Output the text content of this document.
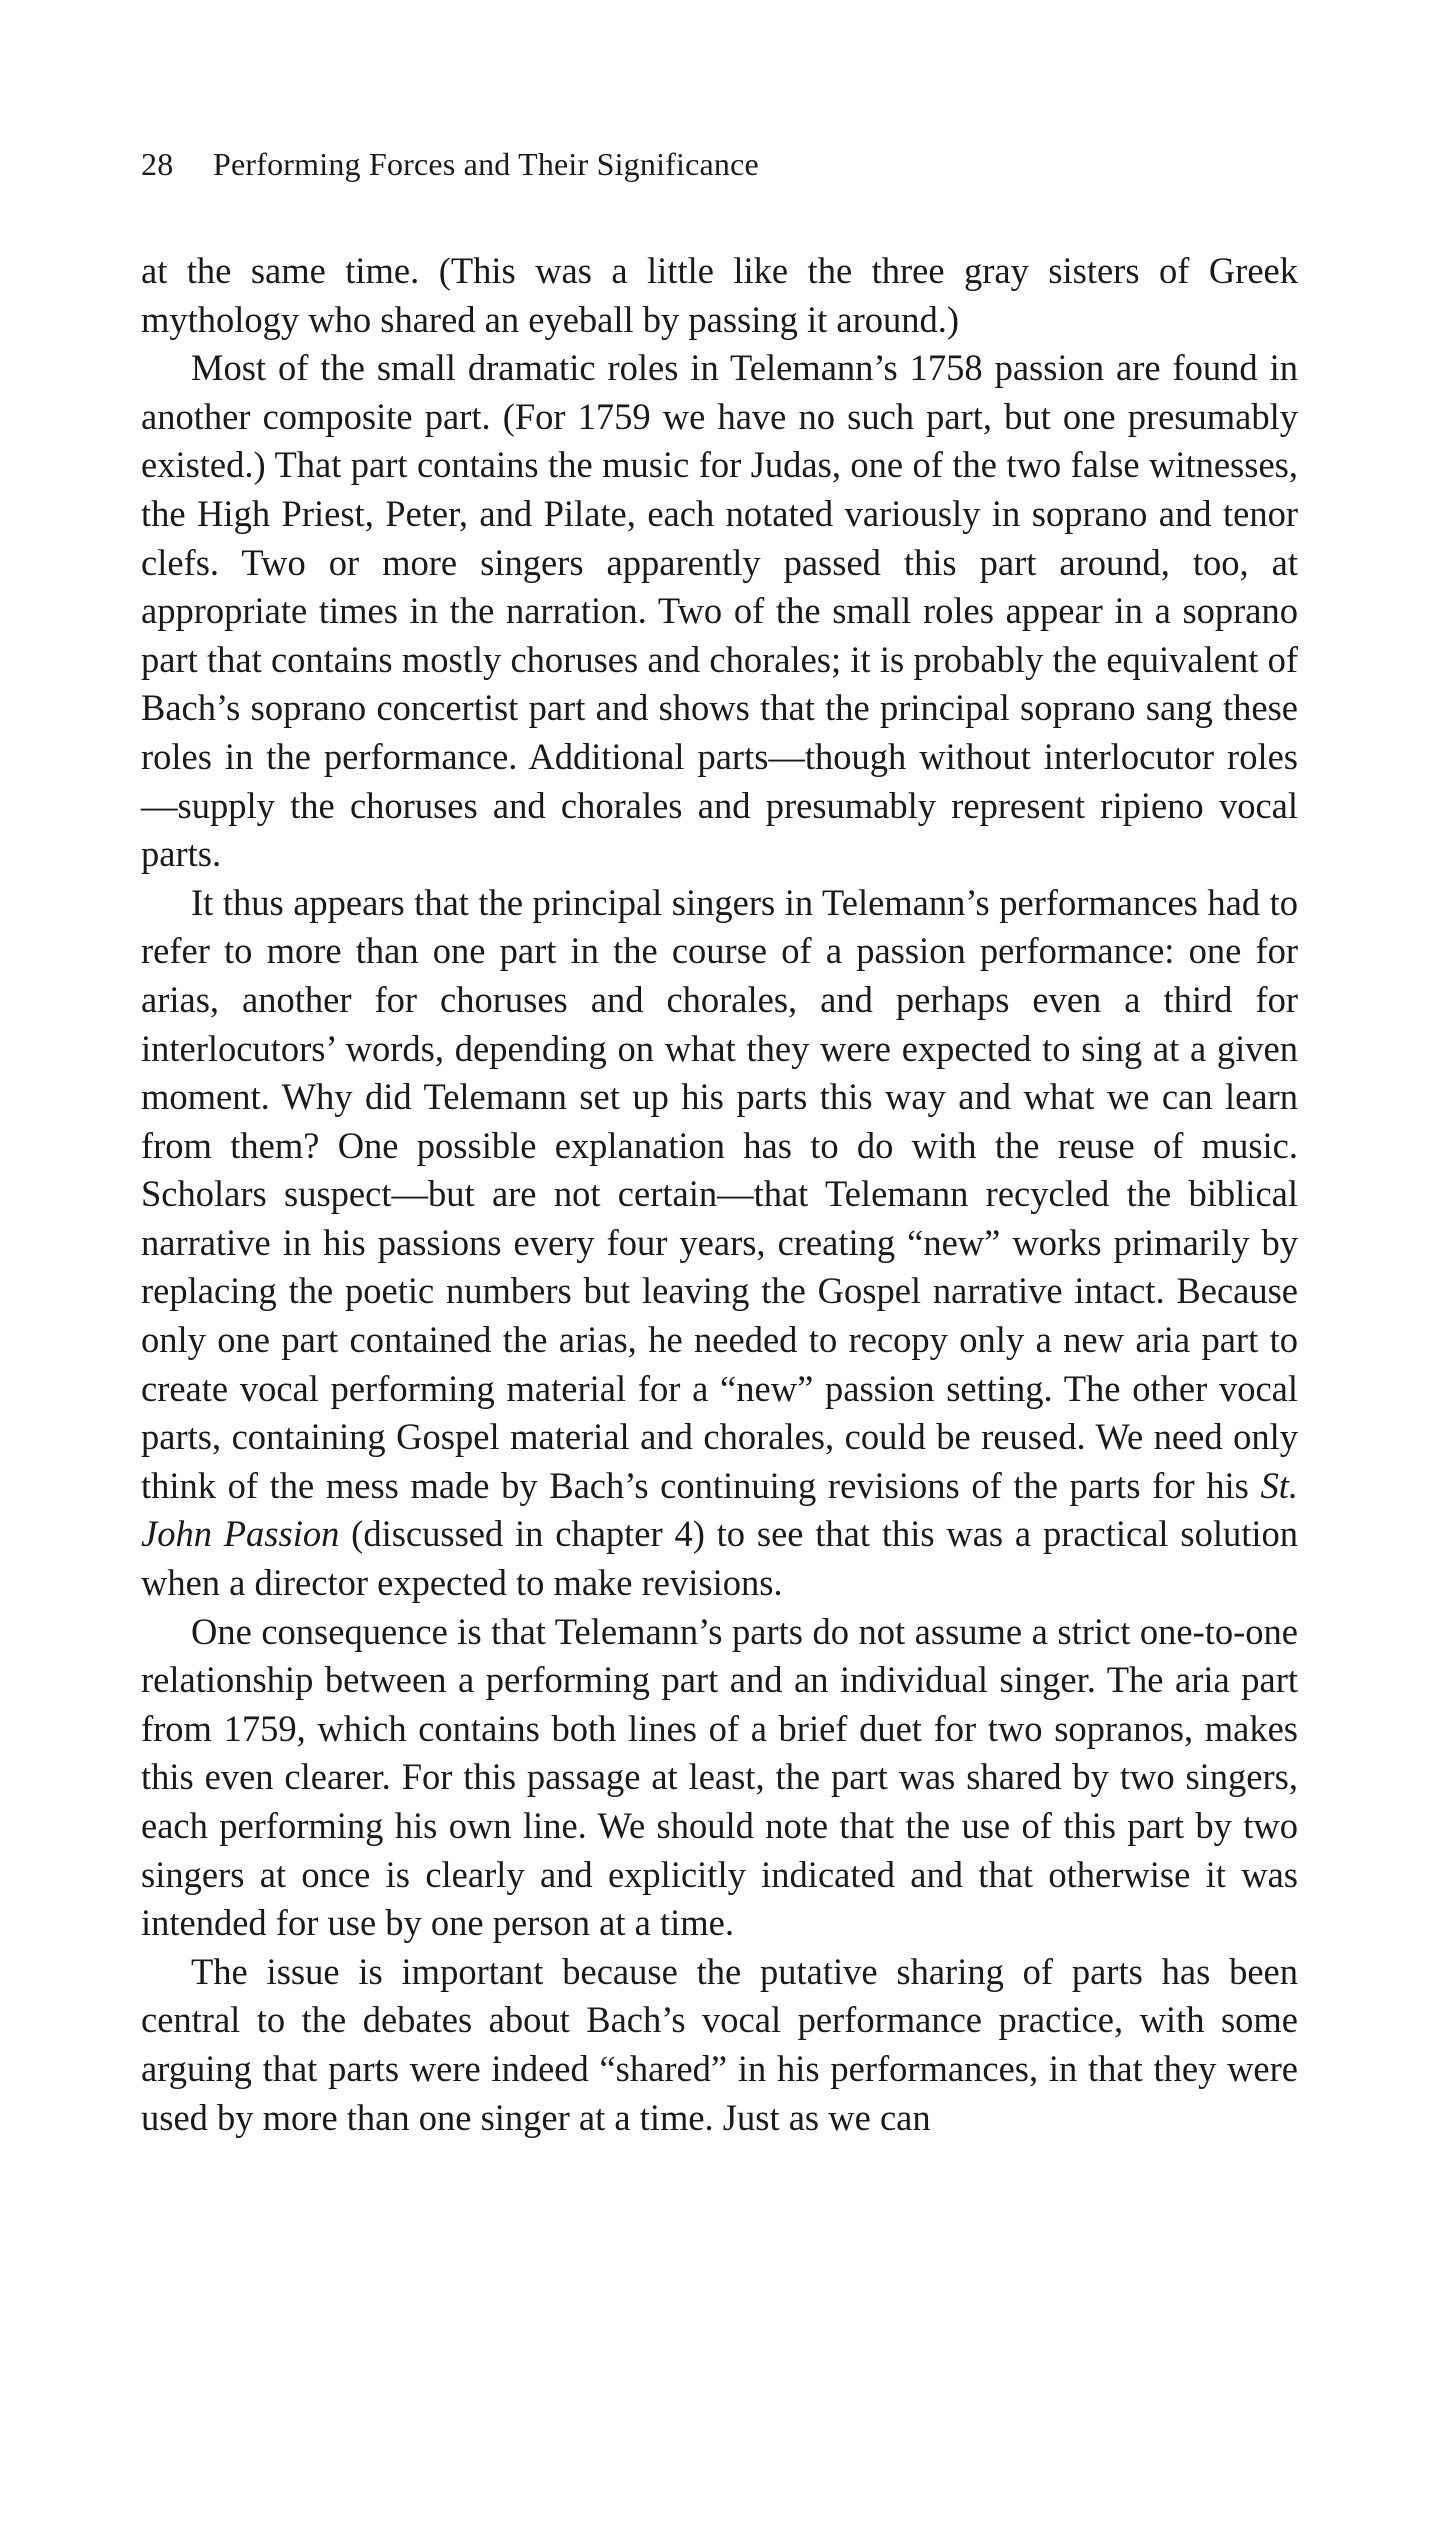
28 Performing Forces and Their Significance

at the same time. (This was a little like the three gray sisters of Greek mythology who shared an eyeball by passing it around.)

Most of the small dramatic roles in Telemann’s 1758 passion are found in another composite part. (For 1759 we have no such part, but one presumably existed.) That part contains the music for Judas, one of the two false witnesses, the High Priest, Peter, and Pilate, each notated variously in soprano and tenor clefs. Two or more singers apparently passed this part around, too, at appropriate times in the narration. Two of the small roles appear in a soprano part that contains mostly choruses and chorales; it is probably the equivalent of Bach’s soprano concertist part and shows that the principal soprano sang these roles in the performance. Additional parts—though without interlocutor roles—supply the choruses and chorales and presumably represent ripieno vocal parts.

It thus appears that the principal singers in Telemann’s performances had to refer to more than one part in the course of a passion performance: one for arias, another for choruses and chorales, and perhaps even a third for interlocutors’ words, depending on what they were expected to sing at a given moment. Why did Telemann set up his parts this way and what we can learn from them? One possible explanation has to do with the reuse of music. Scholars suspect—but are not certain—that Telemann recycled the biblical narrative in his passions every four years, creating “new” works primarily by replacing the poetic numbers but leaving the Gospel narrative intact. Because only one part contained the arias, he needed to recopy only a new aria part to create vocal performing material for a “new” passion setting. The other vocal parts, containing Gospel material and chorales, could be reused. We need only think of the mess made by Bach’s continuing revisions of the parts for his St. John Passion (discussed in chapter 4) to see that this was a practical solution when a director expected to make revisions.

One consequence is that Telemann’s parts do not assume a strict one-to-one relationship between a performing part and an individual singer. The aria part from 1759, which contains both lines of a brief duet for two sopranos, makes this even clearer. For this passage at least, the part was shared by two singers, each performing his own line. We should note that the use of this part by two singers at once is clearly and explicitly indicated and that otherwise it was intended for use by one person at a time.

The issue is important because the putative sharing of parts has been central to the debates about Bach’s vocal performance practice, with some arguing that parts were indeed “shared” in his performances, in that they were used by more than one singer at a time. Just as we can
